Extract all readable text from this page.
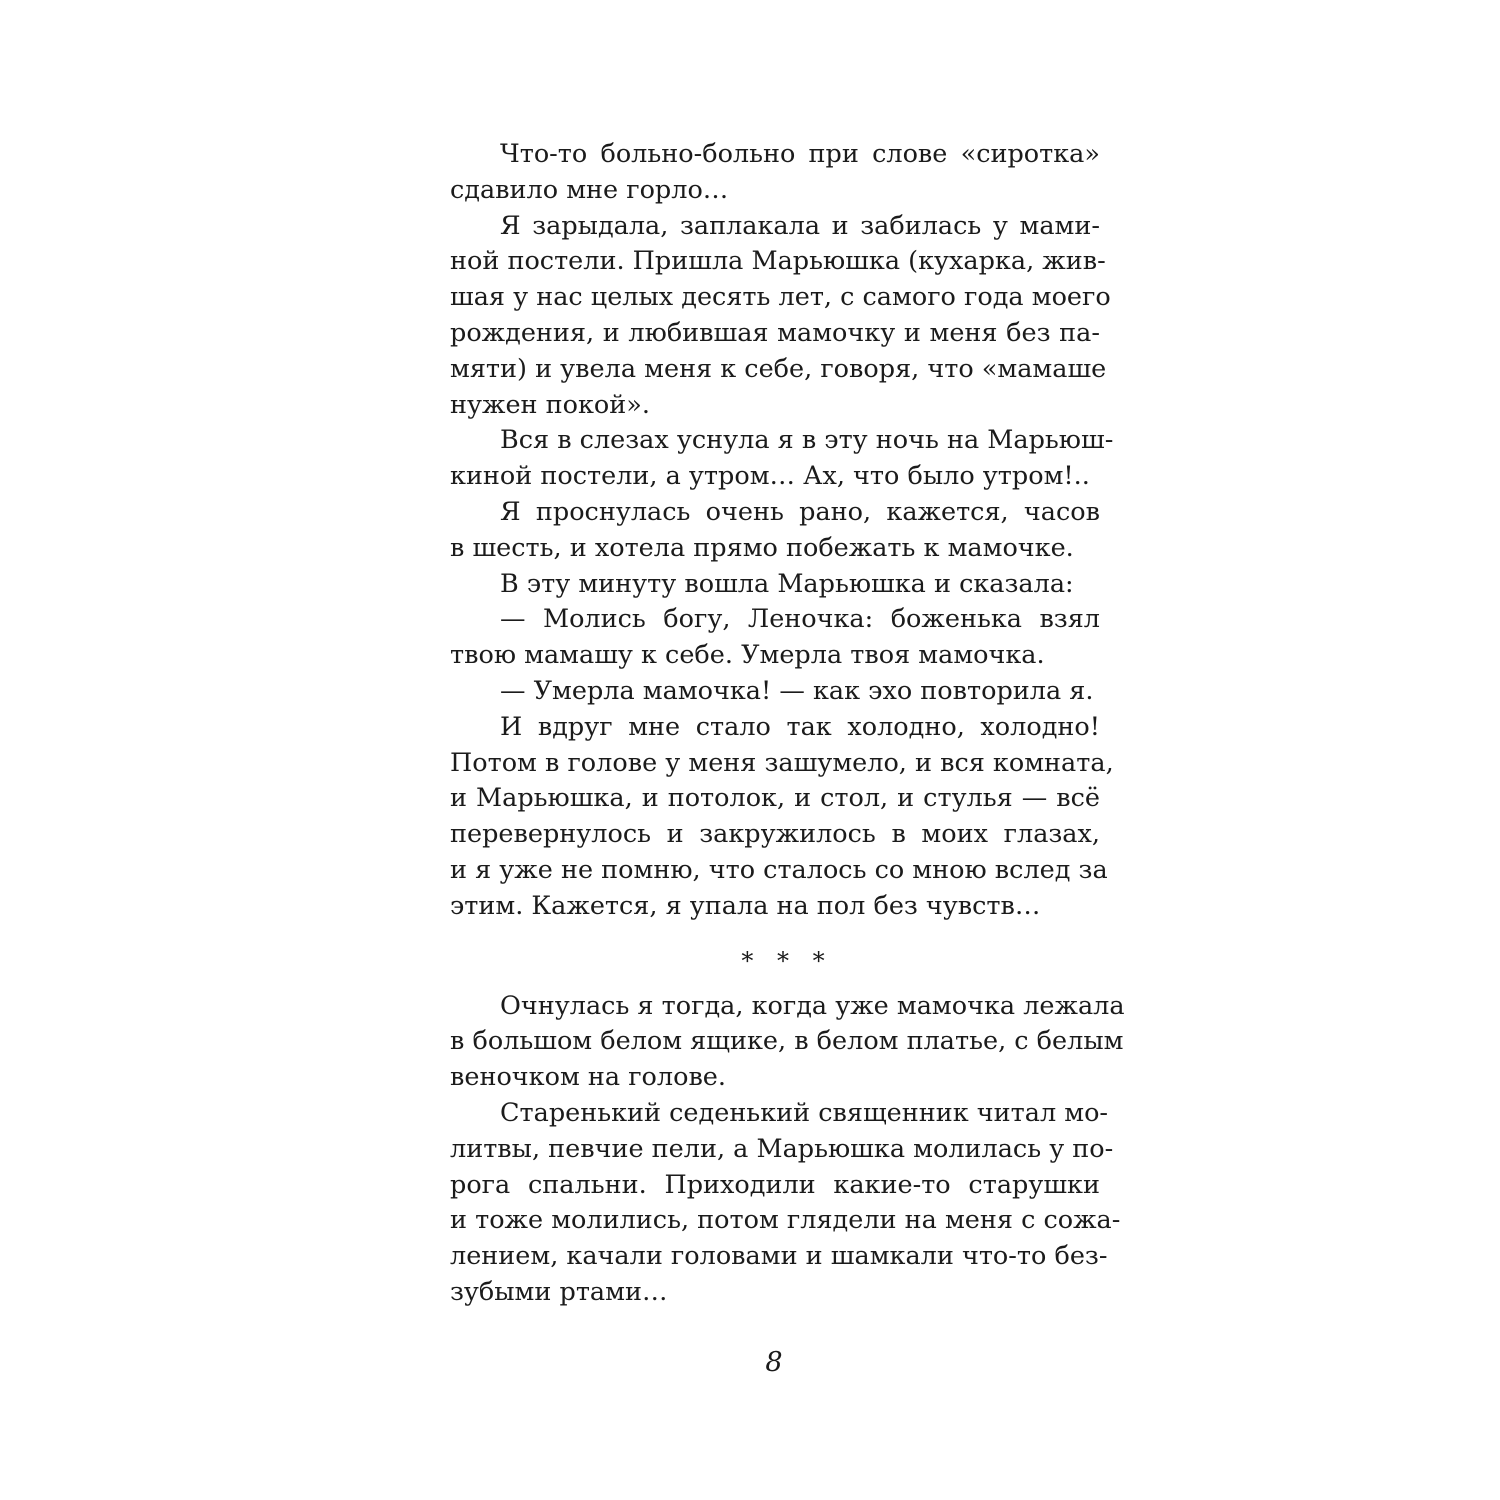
Что-то больно-больно при слове «сиротка»
сдавило мне горло…
Я зарыдала, заплакала и забилась у мами-
ной постели. Пришла Марьюшка (кухарка, жив-
шая у нас целых десять лет, с самого года моего
рождения, и любившая мамочку и меня без па-
мяти) и увела меня к себе, говоря, что «мамаше
нужен покой».
Вся в слезах уснула я в эту ночь на Марьюш-
киной постели, а утром… Ах, что было утром!..
Я проснулась очень рано, кажется, часов
в шесть, и хотела прямо побежать к мамочке.
В эту минуту вошла Марьюшка и сказала:
— Молись богу, Леночка: боженька взял
твою мамашу к себе. Умерла твоя мамочка.
— Умерла мамочка! — как эхо повторила я.
И вдруг мне стало так холодно, холодно!
Потом в голове у меня зашумело, и вся комната,
и Марьюшка, и потолок, и стол, и стулья — всё
перевернулось и закружилось в моих глазах,
и я уже не помню, что сталось со мною вслед за
этим. Кажется, я упала на пол без чувств…
* * *
Очнулась я тогда, когда уже мамочка лежала
в большом белом ящике, в белом платье, с белым
веночком на голове.
Старенький седенький священник читал мо-
литвы, певчие пели, а Марьюшка молилась у по-
рога спальни. Приходили какие-то старушки
и тоже молились, потом глядели на меня с сожа-
лением, качали головами и шамкали что-то без-
зубыми ртами…
8
